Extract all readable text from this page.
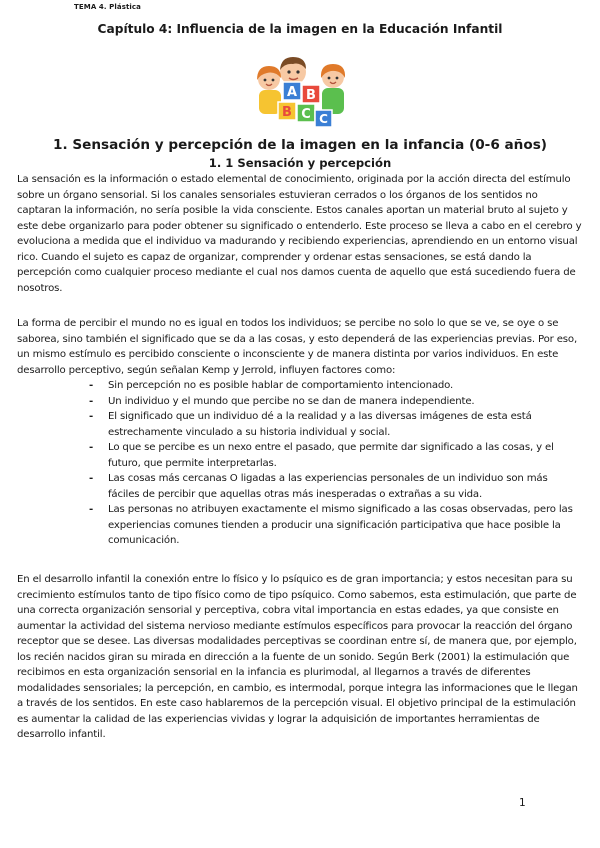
TEMA 4. Plástica
Capítulo 4: Influencia de la imagen en la Educación Infantil
A B
B C C
1. Sensación y percepción de la imagen en la infancia (0-6 años)
1. 1 Sensación y percepción

La sensación es la información o estado elemental de conocimiento, originada por la acción directa del estímulo sobre un órgano sensorial. Si los canales sensoriales estuvieran cerrados o los órganos de los sentidos no captaran la información, no sería posible la vida consciente. Estos canales aportan un material bruto al sujeto y este debe organizarlo para poder obtener su significado o entenderlo. Este proceso se lleva a cabo en el cerebro y evoluciona a medida que el individuo va madurando y recibiendo experiencias, aprendiendo en un entorno visual rico. Cuando el sujeto es capaz de organizar, comprender y ordenar estas sensaciones, se está dando la percepción como cualquier proceso mediante el cual nos damos cuenta de aquello que está sucediendo fuera de nosotros.

La forma de percibir el mundo no es igual en todos los individuos; se percibe no solo lo que se ve, se oye o se saborea, sino también el significado que se da a las cosas, y esto dependerá de las experiencias previas. Por eso, un mismo estímulo es percibido consciente o inconsciente y de manera distinta por varios individuos. En este desarrollo perceptivo, según señalan Kemp y Jerrold, influyen factores como:

- Sin percepción no es posible hablar de comportamiento intencionado.
- Un individuo y el mundo que percibe no se dan de manera independiente.
- El significado que un individuo dé a la realidad y a las diversas imágenes de esta está estrechamente vinculado a su historia individual y social.
- Lo que se percibe es un nexo entre el pasado, que permite dar significado a las cosas, y el futuro, que permite interpretarlas.
- Las cosas más cercanas O ligadas a las experiencias personales de un individuo son más fáciles de percibir que aquellas otras más inesperadas o extrañas a su vida.
- Las personas no atribuyen exactamente el mismo significado a las cosas observadas, pero las experiencias comunes tienden a producir una significación participativa que hace posible la comunicación.

En el desarrollo infantil la conexión entre lo físico y lo psíquico es de gran importancia; y estos necesitan para su crecimiento estímulos tanto de tipo físico como de tipo psíquico. Como sabemos, esta estimulación, que parte de una correcta organización sensorial y perceptiva, cobra vital importancia en estas edades, ya que consiste en aumentar la actividad del sistema nervioso mediante estímulos específicos para provocar la reacción del órgano receptor que se desee. Las diversas modalidades perceptivas se coordinan entre sí, de manera que, por ejemplo, los recién nacidos giran su mirada en dirección a la fuente de un sonido. Según Berk (2001) la estimulación que recibimos en esta organización sensorial en la infancia es plurimodal, al llegarnos a través de diferentes modalidades sensoriales; la percepción, en cambio, es intermodal, porque integra las informaciones que le llegan a través de los sentidos. En este caso hablaremos de la percepción visual. El objetivo principal de la estimulación es aumentar la calidad de las experiencias vividas y lograr la adquisición de importantes herramientas de desarrollo infantil.

1
